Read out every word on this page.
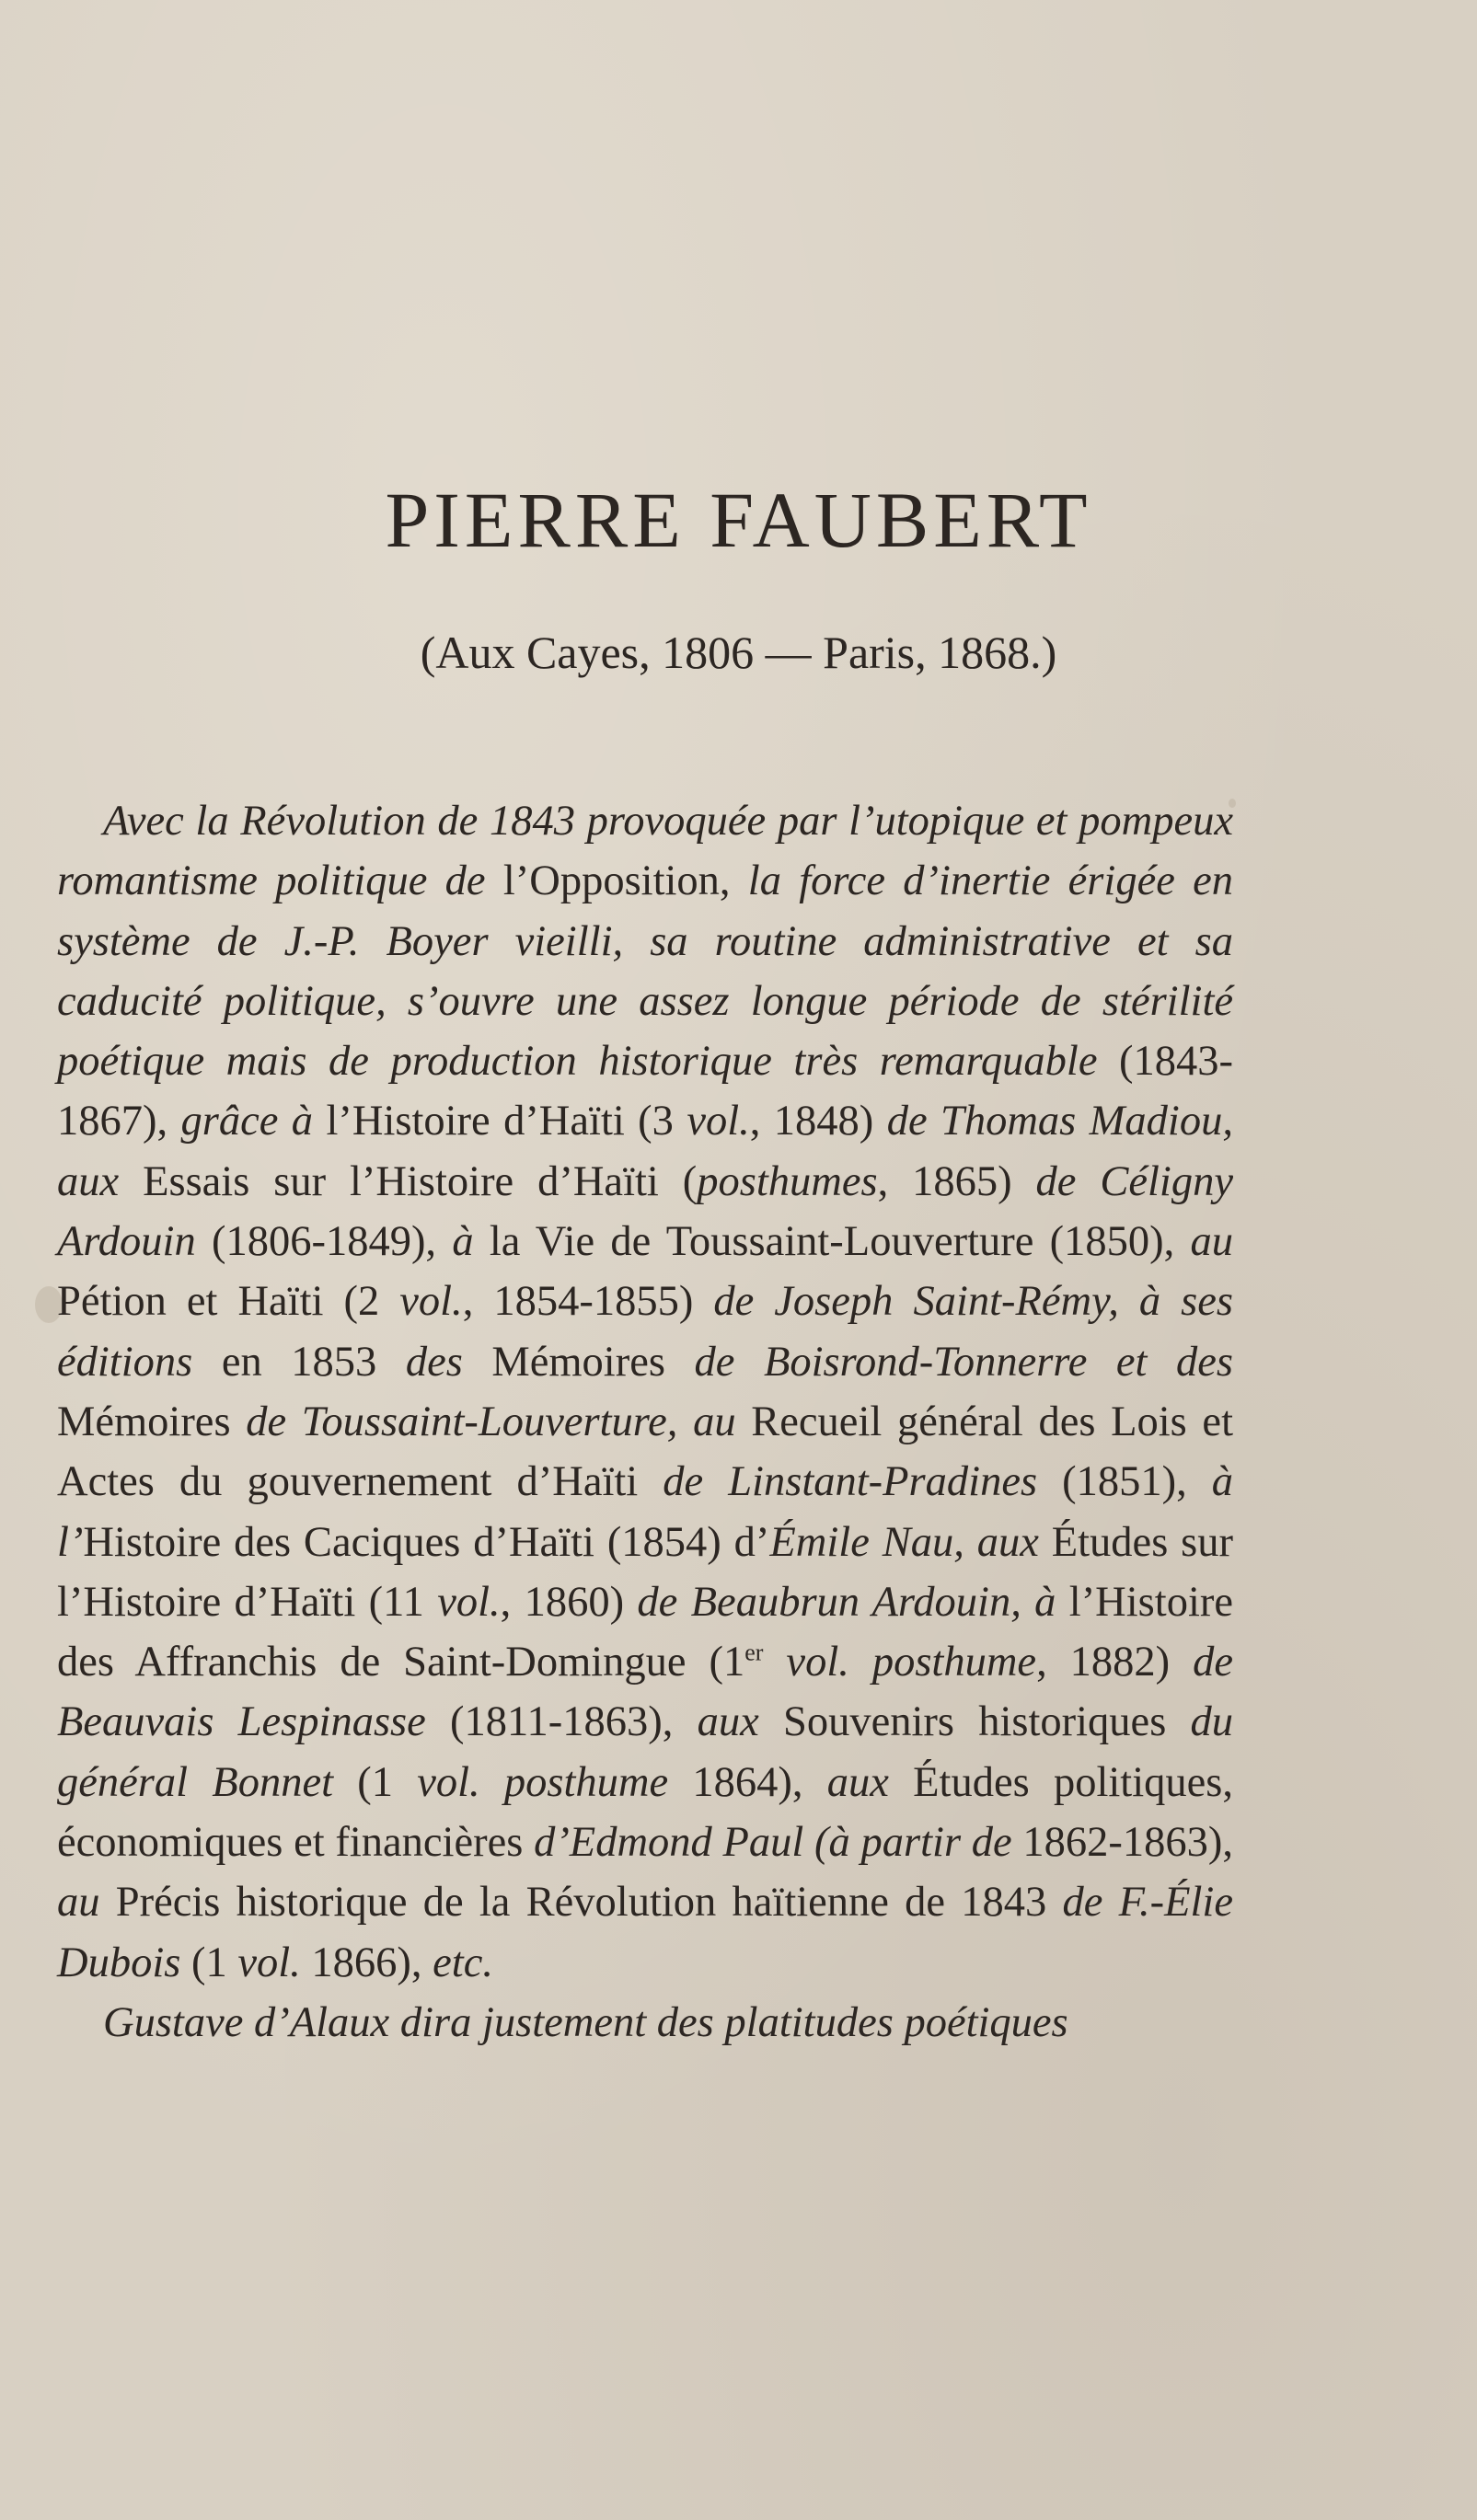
PIERRE FAUBERT
(Aux Cayes, 1806 — Paris, 1868.)

Avec la Révolution de 1843 provoquée par l’utopique et pompeux romantisme politique de l’Opposition, la force d’inertie érigée en système de J.-P. Boyer vieilli, sa routine administrative et sa caducité politique, s’ouvre une assez longue période de stérilité poétique mais de production historique très remarquable (1843-1867), grâce à l’Histoire d’Haïti (3 vol., 1848) de Thomas Madiou, aux Essais sur l’Histoire d’Haïti (posthumes, 1865) de Céligny Ardouin (1806-1849), à la Vie de Toussaint-Louverture (1850), au Pétion et Haïti (2 vol., 1854-1855) de Joseph Saint-Rémy, à ses éditions en 1853 des Mémoires de Boisrond-Tonnerre et des Mémoires de Toussaint-Louverture, au Recueil général des Lois et Actes du gouvernement d’Haïti de Linstant-Pradines (1851), à l’Histoire des Caciques d’Haïti (1854) d’Émile Nau, aux Études sur l’Histoire d’Haïti (11 vol., 1860) de Beaubrun Ardouin, à l’Histoire des Affranchis de Saint-Domingue (1er vol. posthume, 1882) de Beauvais Lespinasse (1811-1863), aux Souvenirs historiques du général Bonnet (1 vol. posthume 1864), aux Études politiques, économiques et financières d’Edmond Paul (à partir de 1862-1863), au Précis historique de la Révolution haïtienne de 1843 de F.-Élie Dubois (1 vol. 1866), etc.

Gustave d’Alaux dira justement des platitudes poétiques
